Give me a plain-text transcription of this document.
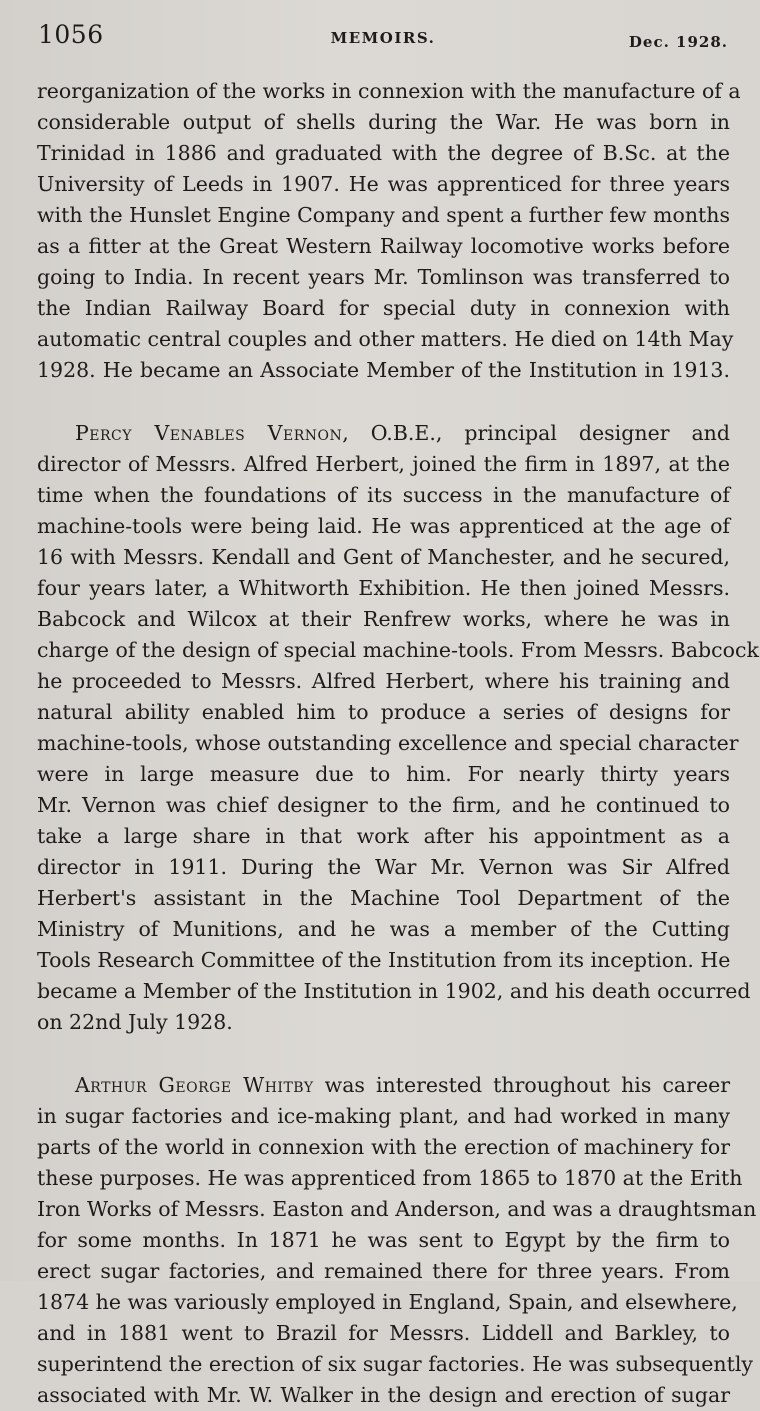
1056	MEMOIRS.	Dec. 1928.
reorganization of the works in connexion with the manufacture of a
considerable output of shells during the War. He was born in
Trinidad in 1886 and graduated with the degree of B.Sc. at the
University of Leeds in 1907. He was apprenticed for three years
with the Hunslet Engine Company and spent a further few months
as a fitter at the Great Western Railway locomotive works before
going to India. In recent years Mr. Tomlinson was transferred to
the Indian Railway Board for special duty in connexion with
automatic central couples and other matters. He died on 14th May
1928. He became an Associate Member of the Institution in 1913.
Percy Venables Vernon, O.B.E., principal designer and
director of Messrs. Alfred Herbert, joined the firm in 1897, at the
time when the foundations of its success in the manufacture of
machine-tools were being laid. He was apprenticed at the age of
16 with Messrs. Kendall and Gent of Manchester, and he secured,
four years later, a Whitworth Exhibition. He then joined Messrs.
Babcock and Wilcox at their Renfrew works, where he was in
charge of the design of special machine-tools. From Messrs. Babcock
he proceeded to Messrs. Alfred Herbert, where his training and
natural ability enabled him to produce a series of designs for
machine-tools, whose outstanding excellence and special character
were in large measure due to him. For nearly thirty years
Mr. Vernon was chief designer to the firm, and he continued to
take a large share in that work after his appointment as a
director in 1911. During the War Mr. Vernon was Sir Alfred
Herbert's assistant in the Machine Tool Department of the
Ministry of Munitions, and he was a member of the Cutting
Tools Research Committee of the Institution from its inception. He
became a Member of the Institution in 1902, and his death occurred
on 22nd July 1928.
Arthur George Whitby was interested throughout his career
in sugar factories and ice-making plant, and had worked in many
parts of the world in connexion with the erection of machinery for
these purposes. He was apprenticed from 1865 to 1870 at the Erith
Iron Works of Messrs. Easton and Anderson, and was a draughtsman
for some months. In 1871 he was sent to Egypt by the firm to
erect sugar factories, and remained there for three years. From
1874 he was variously employed in England, Spain, and elsewhere,
and in 1881 went to Brazil for Messrs. Liddell and Barkley, to
superintend the erection of six sugar factories. He was subsequently
associated with Mr. W. Walker in the design and erection of sugar
